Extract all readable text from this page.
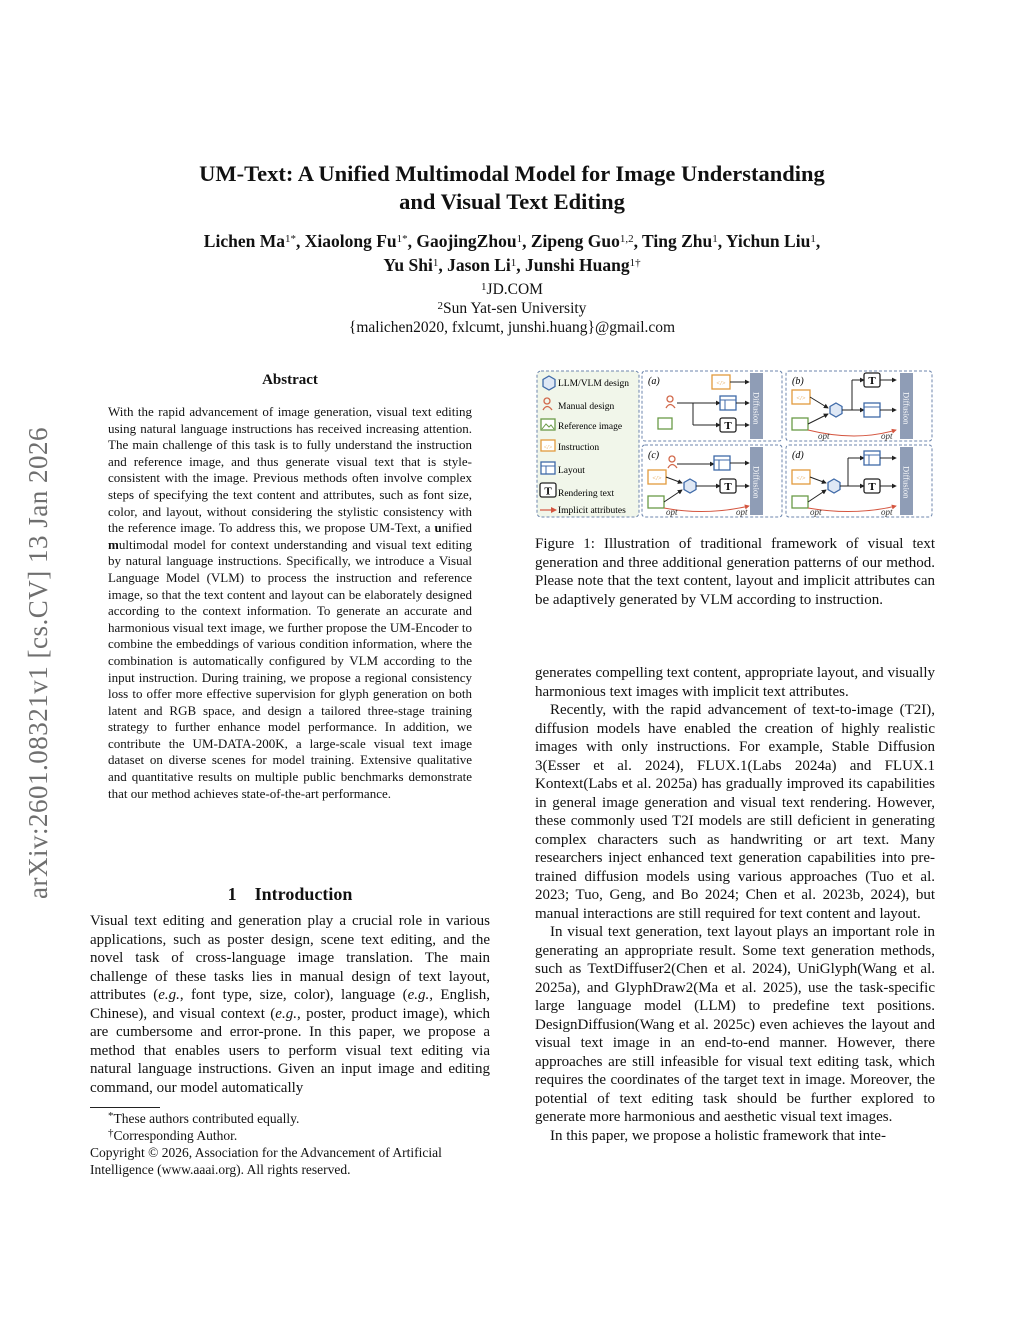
arXiv:2601.08321v1 [cs.CV] 13 Jan 2026
UM-Text: A Unified Multimodal Model for Image Understanding
and Visual Text Editing
Lichen $Ma^{1*}$, Xiaolong $Fu^{1*}$, GaojingZhou$^1$, Zipeng Guo$^{1,2}$, Ting Zhu$^1$, Yichun Liu$^1$,
Yu Shi$^1$, Jason Li$^1$, Junshi Huang$^{1\dagger}$
$^1$JD.COM
$^2$Sun Yat-sen University
{malichen2020, fxlcumt, junshi.huang}@gmail.com
Abstract

With the rapid advancement of image generation, visual text editing using natural language instructions has received increasing attention. The main challenge of this task is to fully understand the instruction and reference image, and thus generate visual text that is style-consistent with the image. Previous methods often involve complex steps of specifying the text content and attributes, such as font size, color, and layout, without considering the stylistic consistency with the reference image. To address this, we propose UM-Text, a unified multimodal model for context understanding and visual text editing by natural language instructions. Specifically, we introduce a Visual Language Model (VLM) to process the instruction and reference image, so that the text content and layout can be elaborately designed according to the context information. To generate an accurate and harmonious visual text image, we further propose the UM-Encoder to combine the embeddings of various condition information, where the combination is automatically configured by VLM according to the input instruction. During training, we propose a regional consistency loss to offer more effective supervision for glyph generation on both latent and RGB space, and design a tailored three-stage training strategy to further enhance model performance. In addition, we contribute the UM-DATA-200K, a large-scale visual text image dataset on diverse scenes for model training. Extensive qualitative and quantitative results on multiple public benchmarks demonstrate that our method achieves state-of-the-art performance.

1 Introduction

Visual text editing and generation play a crucial role in various applications, such as poster design, scene text editing, and the novel task of cross-language image translation. The main challenge of these tasks lies in manual design of text layout, attributes (e.g., font type, size, color), language (e.g., English, Chinese), and visual context (e.g., poster, product image), which are cumbersome and error-prone. In this paper, we propose a method that enables users to perform visual text editing via natural language instructions. Given an input image and editing command, our model automatically

*These authors contributed equally.
†Corresponding Author.
Copyright © 2026, Association for the Advancement of Artificial Intelligence (www.aaai.org). All rights reserved.
LLM/VLM design
Manual design
Reference image
</> Instruction
Layout
T Rendering text
Implicit attributes
(a)	</>
T
Diffusion
(b)
</>
T
opt	opt
Diffusion
(c)
</>
T
opt	opt
Diffusion
(d)
</>
T
opt	opt
Diffusion
Figure 1: Illustration of traditional framework of visual text generation and three additional generation patterns of our method. Please note that the text content, layout and implicit attributes can be adaptively generated by VLM according to instruction.

generates compelling text content, appropriate layout, and visually harmonious text images with implicit text attributes.

Recently, with the rapid advancement of text-to-image (T2I), diffusion models have enabled the creation of highly realistic images with only instructions. For example, Stable Diffusion 3(Esser et al. 2024), FLUX.1(Labs 2024a) and FLUX.1 Kontext(Labs et al. 2025a) has gradually improved its capabilities in general image generation and visual text rendering. However, these commonly used T2I models are still deficient in generating complex characters such as handwriting or art text. Many researchers inject enhanced text generation capabilities into pre-trained diffusion models using various approaches (Tuo et al. 2023; Tuo, Geng, and Bo 2024; Chen et al. 2023b, 2024), but manual interactions are still required for text content and layout.

In visual text generation, text layout plays an important role in generating an appropriate result. Some text generation methods, such as TextDiffuser2(Chen et al. 2024), UniGlyph(Wang et al. 2025a), and GlyphDraw2(Ma et al. 2025), use the task-specific large language model (LLM) to predefine text positions. DesignDiffusion(Wang et al. 2025c) even achieves the layout and visual text image in an end-to-end manner. However, there approaches are still infeasible for visual text editing task, which requires the coordinates of the target text in image. Moreover, the potential of text editing task should be further explored to generate more harmonious and aesthetic visual text images.

In this paper, we propose a holistic framework that inte-
